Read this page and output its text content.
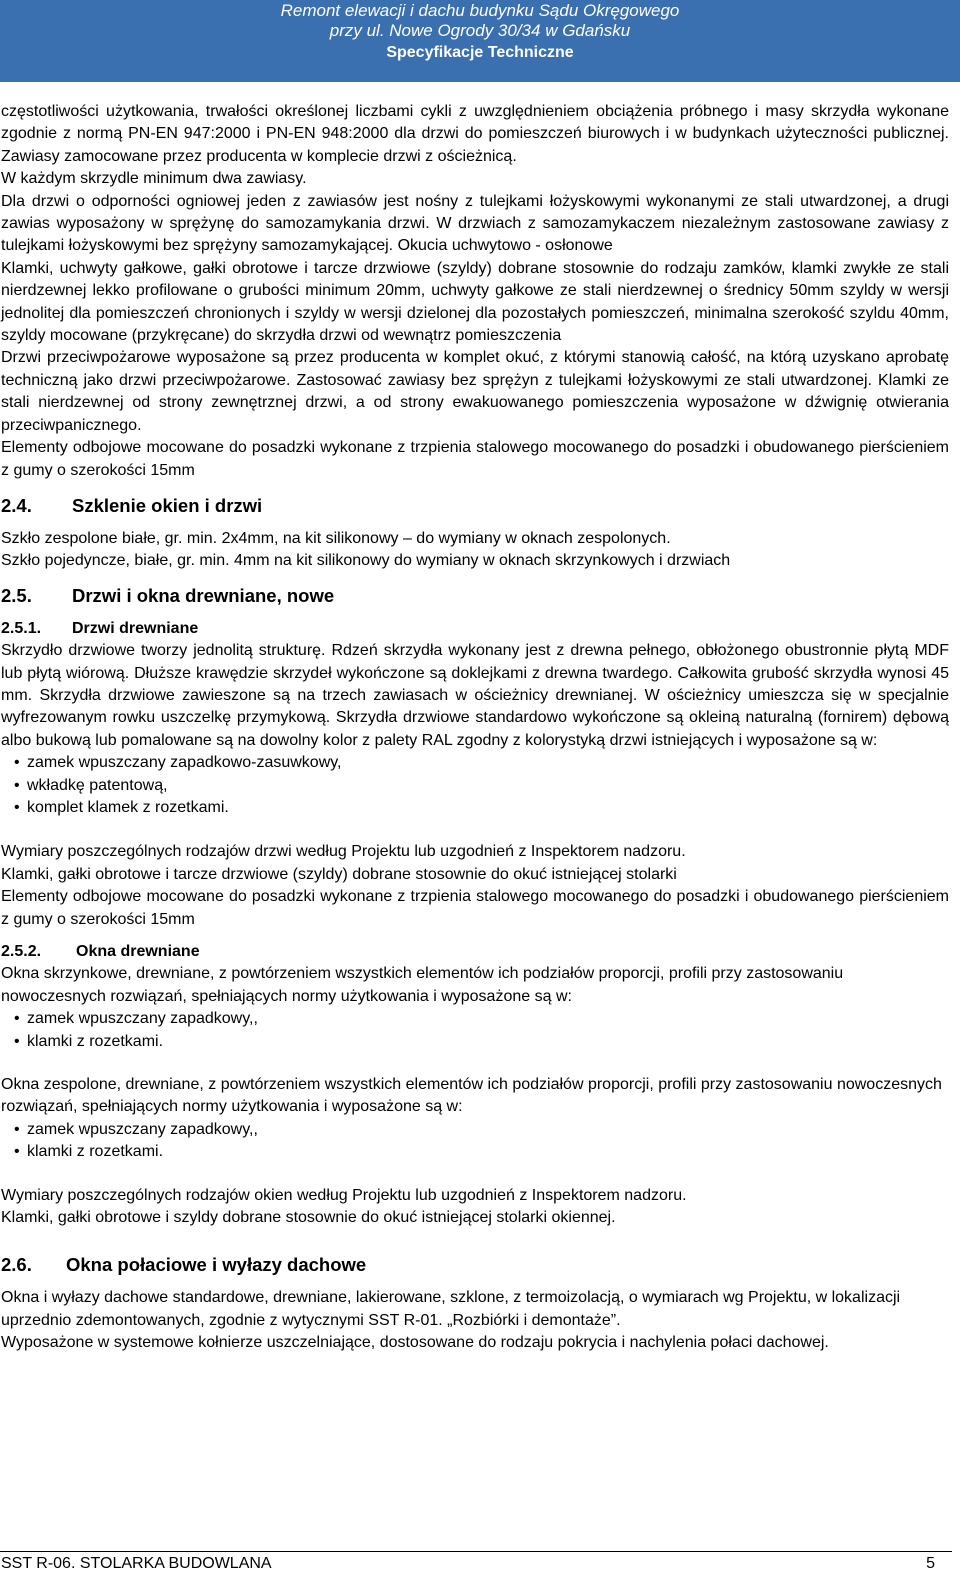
Remont elewacji i dachu budynku Sądu Okręgowego
przy ul. Nowe Ogrody 30/34 w Gdańsku
Specyfikacje Techniczne

częstotliwości użytkowania, trwałości określonej liczbami cykli z uwzględnieniem obciążenia próbnego i masy skrzydła wykonane zgodnie z normą PN-EN 947:2000 i PN-EN 948:2000 dla drzwi do pomieszczeń biurowych i w budynkach użyteczności publicznej. Zawiasy zamocowane przez producenta w komplecie drzwi z ościeżnicą.

W każdym skrzydle minimum dwa zawiasy.

Dla drzwi o odporności ogniowej jeden z zawiasów jest nośny z tulejkami łożyskowymi wykonanymi ze stali utwardzonej, a drugi zawias wyposażony w sprężynę do samozamykania drzwi. W drzwiach z samozamykaczem niezależnym zastosowane zawiasy z tulejkami łożyskowymi bez sprężyny samozamykającej. Okucia uchwytowo - osłonowe

Klamki, uchwyty gałkowe, gałki obrotowe i tarcze drzwiowe (szyldy) dobrane stosownie do rodzaju zamków, klamki zwykłe ze stali nierdzewnej lekko profilowane o grubości minimum 20mm, uchwyty gałkowe ze stali nierdzewnej o średnicy 50mm szyldy w wersji jednolitej dla pomieszczeń chronionych i szyldy w wersji dzielonej dla pozostałych pomieszczeń, minimalna szerokość szyldu 40mm, szyldy mocowane (przykręcane) do skrzydła drzwi od wewnątrz pomieszczenia

Drzwi przeciwpożarowe wyposażone są przez producenta w komplet okuć, z którymi stanowią całość, na którą uzyskano aprobatę techniczną jako drzwi przeciwpożarowe. Zastosować zawiasy bez sprężyn z tulejkami łożyskowymi ze stali utwardzonej. Klamki ze stali nierdzewnej od strony zewnętrznej drzwi, a od strony ewakuowanego pomieszczenia wyposażone w dźwignię otwierania przeciwpanicznego.

Elementy odbojowe mocowane do posadzki wykonane z trzpienia stalowego mocowanego do posadzki i obudowanego pierścieniem z gumy o szerokości 15mm

2.4. Szklenie okien i drzwi

Szkło zespolone białe, gr. min. 2x4mm, na kit silikonowy – do wymiany w oknach zespolonych.

Szkło pojedyncze, białe, gr. min. 4mm na kit silikonowy do wymiany w oknach skrzynkowych i drzwiach

2.5. Drzwi i okna drewniane, nowe
2.5.1. Drzwi drewniane

Skrzydło drzwiowe tworzy jednolitą strukturę. Rdzeń skrzydła wykonany jest z drewna pełnego, obłożonego obustronnie płytą MDF lub płytą wiórową. Dłuższe krawędzie skrzydeł wykończone są doklejkami z drewna twardego. Całkowita grubość skrzydła wynosi 45 mm. Skrzydła drzwiowe zawieszone są na trzech zawiasach w ościeżnicy drewnianej. W ościeżnicy umieszcza się w specjalnie wyfrezowanym rowku uszczelkę przymykową. Skrzydła drzwiowe standardowo wykończone są okleiną naturalną (fornirem) dębową albo bukową lub pomalowane są na dowolny kolor z palety RAL zgodny z kolorystyką drzwi istniejących i wyposażone są w:

• zamek wpuszczany zapadkowo-zasuwkowy,
• wkładkę patentową,
• komplet klamek z rozetkami.

Wymiary poszczególnych rodzajów drzwi według Projektu lub uzgodnień z Inspektorem nadzoru.

Klamki, gałki obrotowe i tarcze drzwiowe (szyldy) dobrane stosownie do okuć istniejącej stolarki

Elementy odbojowe mocowane do posadzki wykonane z trzpienia stalowego mocowanego do posadzki i obudowanego pierścieniem z gumy o szerokości 15mm

2.5.2. Okna drewniane

Okna skrzynkowe, drewniane, z powtórzeniem wszystkich elementów ich podziałów proporcji, profili przy zastosowaniu nowoczesnych rozwiązań, spełniających normy użytkowania i wyposażone są w:

• zamek wpuszczany zapadkowy,,
• klamki z rozetkami.

Okna zespolone, drewniane, z powtórzeniem wszystkich elementów ich podziałów proporcji, profili przy zastosowaniu nowoczesnych rozwiązań, spełniających normy użytkowania i wyposażone są w:

• zamek wpuszczany zapadkowy,,
• klamki z rozetkami.

Wymiary poszczególnych rodzajów okien według Projektu lub uzgodnień z Inspektorem nadzoru.

Klamki, gałki obrotowe i szyldy dobrane stosownie do okuć istniejącej stolarki okiennej.

2.6. Okna połaciowe i wyłazy dachowe

Okna i wyłazy dachowe standardowe, drewniane, lakierowane, szklone, z termoizolacją, o wymiarach wg Projektu, w lokalizacji uprzednio zdemontowanych, zgodnie z wytycznymi SST R-01. „Rozbiórki i demontaże”.

Wyposażone w systemowe kołnierze uszczelniające, dostosowane do rodzaju pokrycia i nachylenia połaci dachowej.

SST R-06. STOLARKA BUDOWLANA	5
